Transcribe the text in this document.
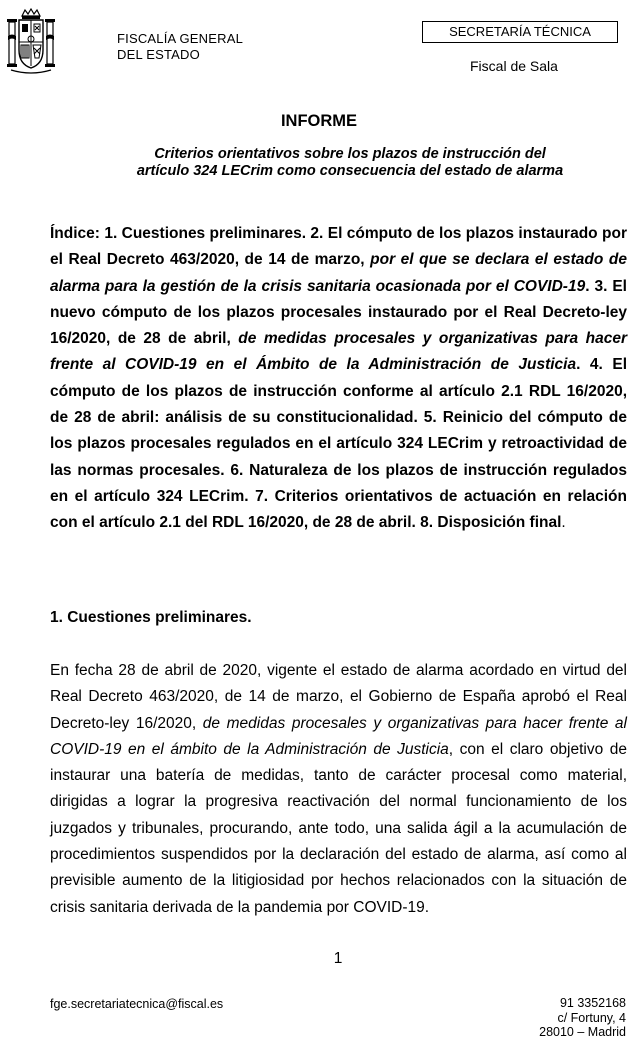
FISCALÍA GENERAL
DEL ESTADO
SECRETARÍA TÉCNICA
Fiscal de Sala
INFORME
Criterios orientativos sobre los plazos de instrucción del
artículo 324 LECrim como consecuencia del estado de alarma
Índice: 1. Cuestiones preliminares. 2. El cómputo de los plazos instaurado por el Real Decreto 463/2020, de 14 de marzo, por el que se declara el estado de alarma para la gestión de la crisis sanitaria ocasionada por el COVID-19. 3. El nuevo cómputo de los plazos procesales instaurado por el Real Decreto-ley 16/2020, de 28 de abril, de medidas procesales y organizativas para hacer frente al COVID-19 en el Ámbito de la Administración de Justicia. 4. El cómputo de los plazos de instrucción conforme al artículo 2.1 RDL 16/2020, de 28 de abril: análisis de su constitucionalidad. 5. Reinicio del cómputo de los plazos procesales regulados en el artículo 324 LECrim y retroactividad de las normas procesales. 6. Naturaleza de los plazos de instrucción regulados en el artículo 324 LECrim. 7. Criterios orientativos de actuación en relación con el artículo 2.1 del RDL 16/2020, de 28 de abril. 8. Disposición final.
1. Cuestiones preliminares.
En fecha 28 de abril de 2020, vigente el estado de alarma acordado en virtud del Real Decreto 463/2020, de 14 de marzo, el Gobierno de España aprobó el Real Decreto-ley 16/2020, de medidas procesales y organizativas para hacer frente al COVID-19 en el ámbito de la Administración de Justicia, con el claro objetivo de instaurar una batería de medidas, tanto de carácter procesal como material, dirigidas a lograr la progresiva reactivación del normal funcionamiento de los juzgados y tribunales, procurando, ante todo, una salida ágil a la acumulación de procedimientos suspendidos por la declaración del estado de alarma, así como al previsible aumento de la litigiosidad por hechos relacionados con la situación de crisis sanitaria derivada de la pandemia por COVID-19.
1
fge.secretariatecnica@fiscal.es	91 3352168
c/ Fortuny, 4
28010 – Madrid
